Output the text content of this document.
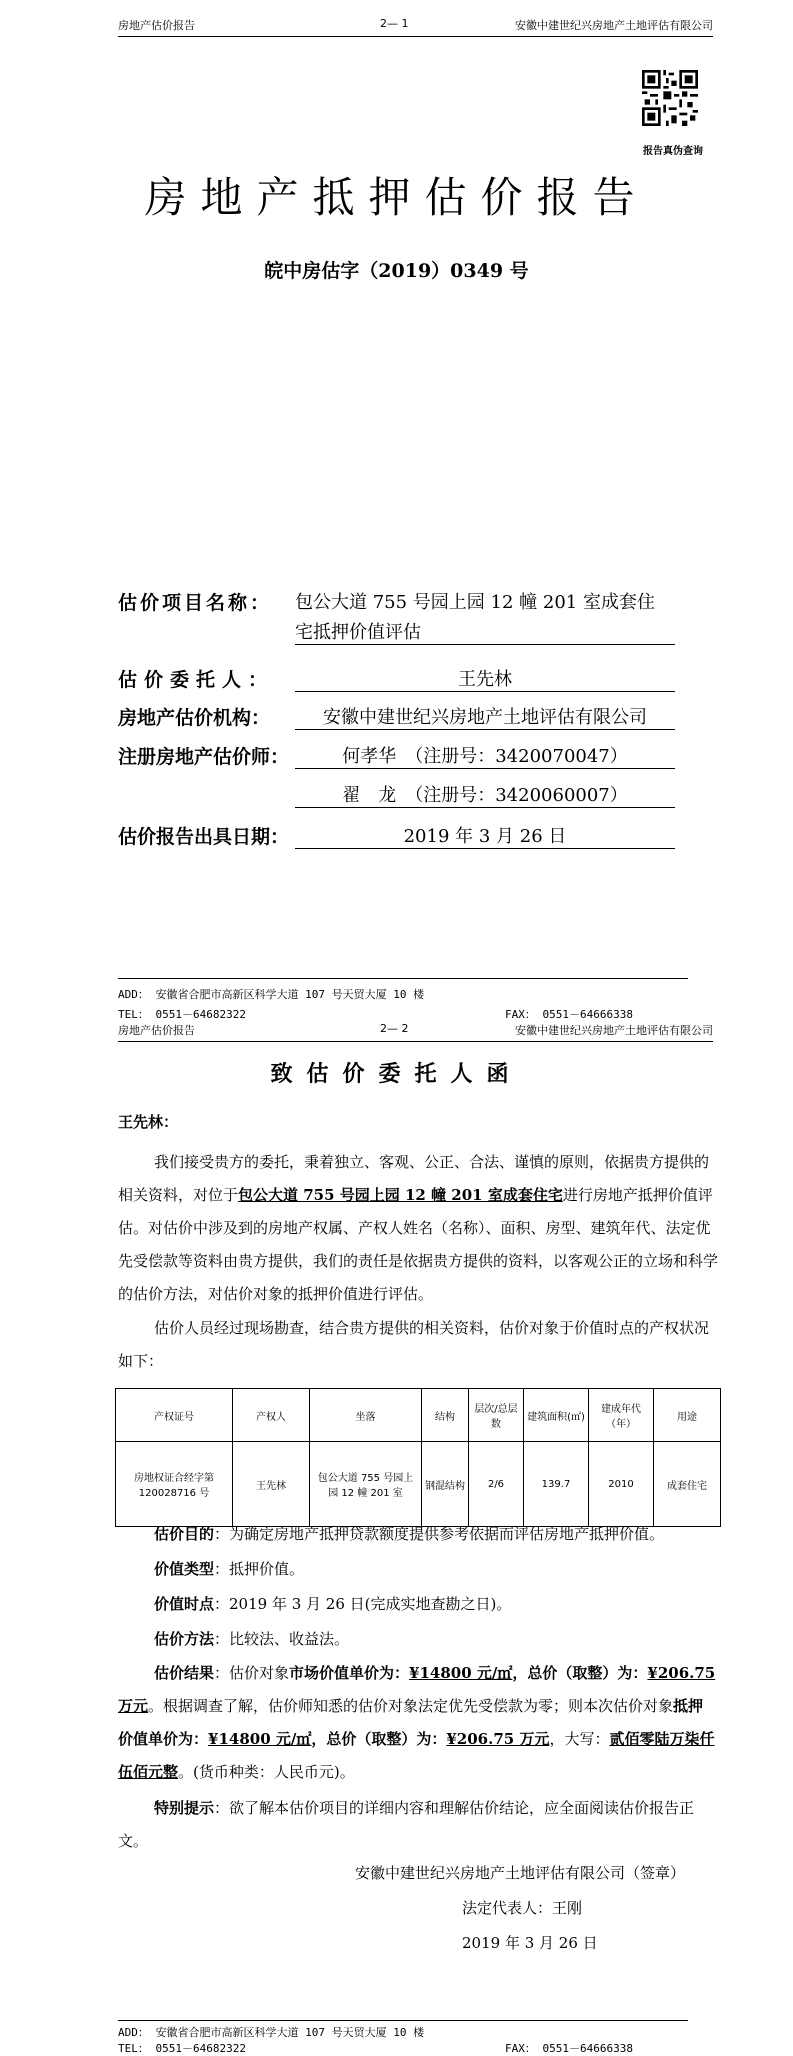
房地产估价报告	2— 1	安徽中建世纪兴房地产土地评估有限公司
报告真伪查询
房地产抵押估价报告
皖中房估字（2019）0349 号
估价项目名称： 包公大道 755 号园上园 12 幢 201 室成套住
宅抵押价值评估
估价委托人：	王先林
房地产估价机构：	安徽中建世纪兴房地产土地评估有限公司
注册房地产估价师：	何孝华　（注册号：3420070047）
翟　龙　（注册号：3420060007）
估价报告出具日期：	2019 年 3 月 26 日
ADD： 安徽省合肥市高新区科学大道 107 号天贸大厦 10 楼
TEL： 0551－64682322	FAX： 0551－64666338
房地产估价报告	2— 2	安徽中建世纪兴房地产土地评估有限公司
致估价委托人函
王先林：
我们接受贵方的委托，秉着独立、客观、公正、合法、谨慎的原则，依据贵方提供的相关资料，对位于包公大道 755 号园上园 12 幢 201 室成套住宅进行房地产抵押价值评估。对估价中涉及到的房地产权属、产权人姓名（名称）、面积、房型、建筑年代、法定优先受偿款等资料由贵方提供，我们的责任是依据贵方提供的资料，以客观公正的立场和科学的估价方法，对估价对象的抵押价值进行评估。
估价人员经过现场勘查，结合贵方提供的相关资料，估价对象于价值时点的产权状况如下：
产权证号	产权人	坐落	结构	层次/总层数	建筑面积(㎡)	建成年代（年）	用途
房地权证合经字第120028716 号	王先林	包公大道 755 号园上园 12 幢 201 室	钢混结构	2/6	139.7	2010	成套住宅
估价目的：为确定房地产抵押贷款额度提供参考依据而评估房地产抵押价值。
价值类型：抵押价值。
价值时点：2019 年 3 月 26 日(完成实地查勘之日)。
估价方法：比较法、收益法。
估价结果：估价对象市场价值单价为：¥14800 元/㎡，总价（取整）为：¥206.75 万元。根据调查了解，估价师知悉的估价对象法定优先受偿款为零；则本次估价对象抵押价值单价为：¥14800 元/㎡，总价（取整）为：¥206.75 万元，大写：贰佰零陆万柒仟伍佰元整。(货币种类：人民币元)。
特别提示：欲了解本估价项目的详细内容和理解估价结论，应全面阅读估价报告正文。
安徽中建世纪兴房地产土地评估有限公司（签章）
法定代表人：王刚
2019 年 3 月 26 日
ADD： 安徽省合肥市高新区科学大道 107 号天贸大厦 10 楼
TEL： 0551－64682322	FAX： 0551－64666338
